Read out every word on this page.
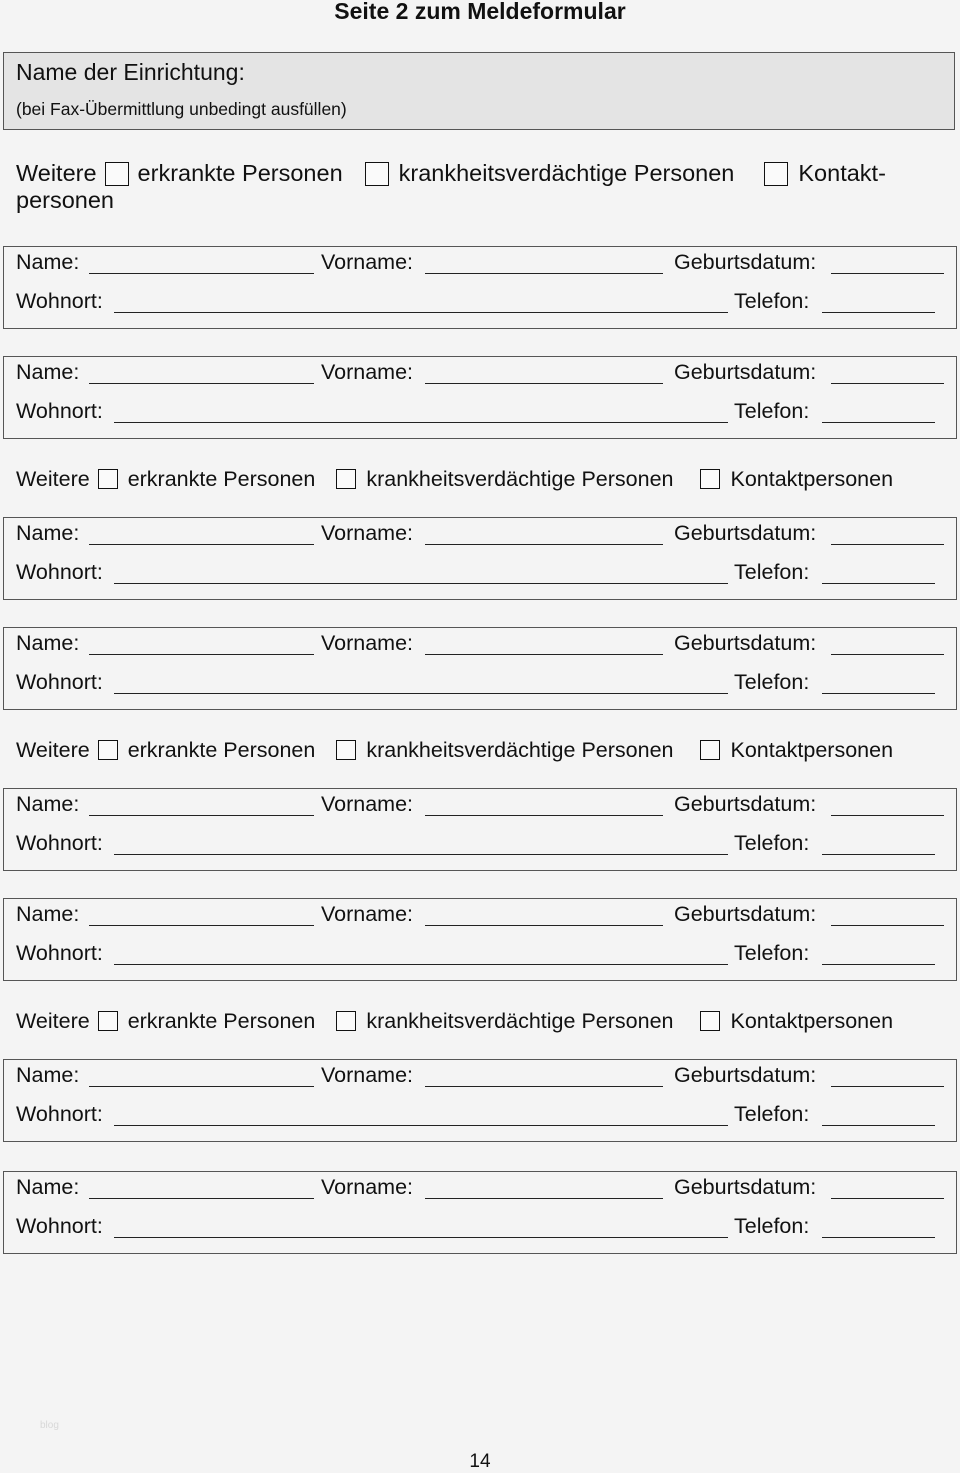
Seite 2 zum Meldeformular
Name der Einrichtung:
(bei Fax-Übermittlung unbedingt ausfüllen)
Weitere erkrankte Personen krankheitsverdächtige Personen	Kontakt-
personen
Name:	Vorname:	Geburtsdatum:
Wohnort:	Telefon:
Name:	Vorname:	Geburtsdatum:
Wohnort:	Telefon:
Name:	Vorname:	Geburtsdatum:
Wohnort:	Telefon:
Name:	Vorname:	Geburtsdatum:
Wohnort:	Telefon:
Name:	Vorname:	Geburtsdatum:
Wohnort:	Telefon:
Name:	Vorname:	Geburtsdatum:
Wohnort:	Telefon:
Name:	Vorname:	Geburtsdatum:
Wohnort:	Telefon:
Name:	Vorname:	Geburtsdatum:
Wohnort:	Telefon:
14
blog
Weitere erkrankte Personen krankheitsverdächtige Personen	Kontaktpersonen
Weitere erkrankte Personen krankheitsverdächtige Personen	Kontaktpersonen
Weitere erkrankte Personen krankheitsverdächtige Personen	Kontaktpersonen
